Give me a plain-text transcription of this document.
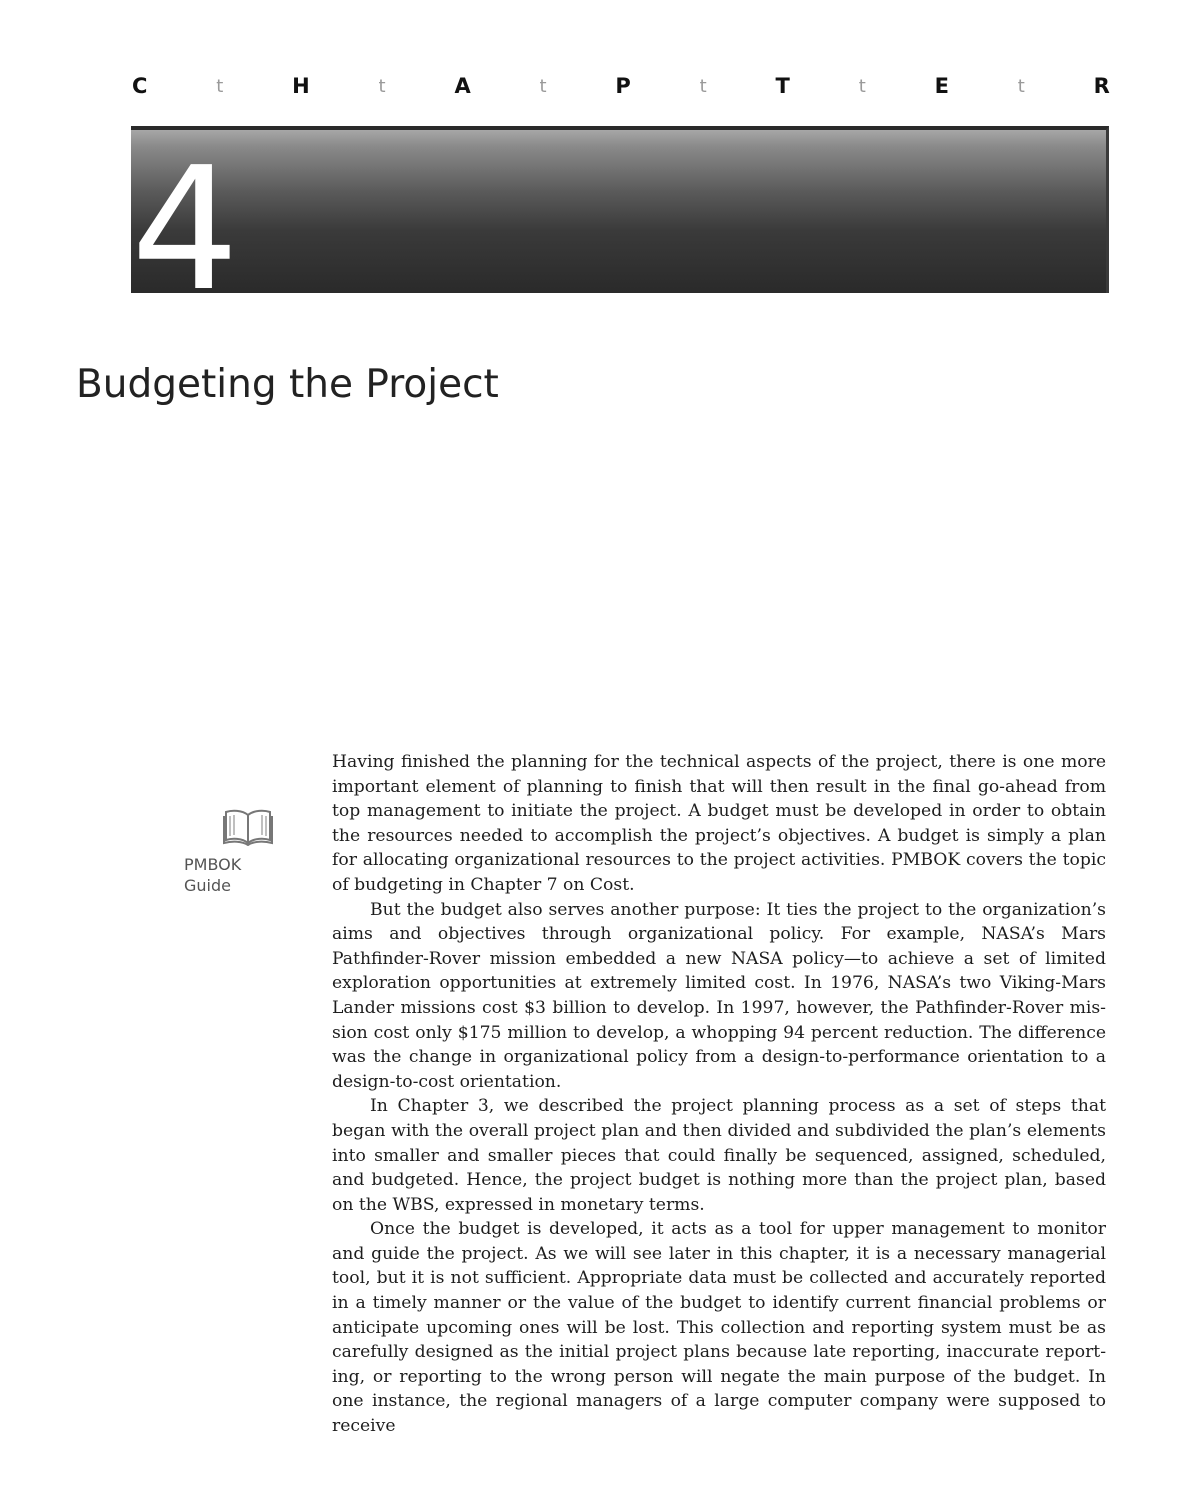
C	t	H	t	A	t	P	t	T	t	E	t	R
4
Budgeting the Project
PMBOK
Guide

Having finished the planning for the technical aspects of the project, there is one more important element of planning to finish that will then result in the final go-ahead from top management to initiate the project. A budget must be developed in order to obtain the resources needed to accomplish the project’s objectives. A budget is simply a plan for allocating organizational resources to the project activities. PMBOK covers the topic of budgeting in Chapter 7 on Cost.

But the budget also serves another purpose: It ties the project to the organization’s aims and objectives through organizational policy. For example, NASA’s Mars Pathfinder-Rover mission embedded a new NASA policy—to achieve a set of limited exploration opportunities at extremely limited cost. In 1976, NASA’s two Viking-Mars Lander missions cost $3 billion to develop. In 1997, however, the Pathfinder-Rover mis- sion cost only $175 million to develop, a whopping 94 percent reduction. The difference was the change in organizational policy from a design-to-performance orientation to a design-to-cost orientation.

In Chapter 3, we described the project planning process as a set of steps that began with the overall project plan and then divided and subdivided the plan’s elements into smaller and smaller pieces that could finally be sequenced, assigned, scheduled, and budgeted. Hence, the project budget is nothing more than the project plan, based on the WBS, expressed in monetary terms.

Once the budget is developed, it acts as a tool for upper management to monitor and guide the project. As we will see later in this chapter, it is a necessary managerial tool, but it is not sufficient. Appropriate data must be collected and accurately reported in a timely manner or the value of the budget to identify current financial problems or anticipate upcoming ones will be lost. This collection and reporting system must be as carefully designed as the initial project plans because late reporting, inaccurate report- ing, or reporting to the wrong person will negate the main purpose of the budget. In one instance, the regional managers of a large computer company were supposed to receive
